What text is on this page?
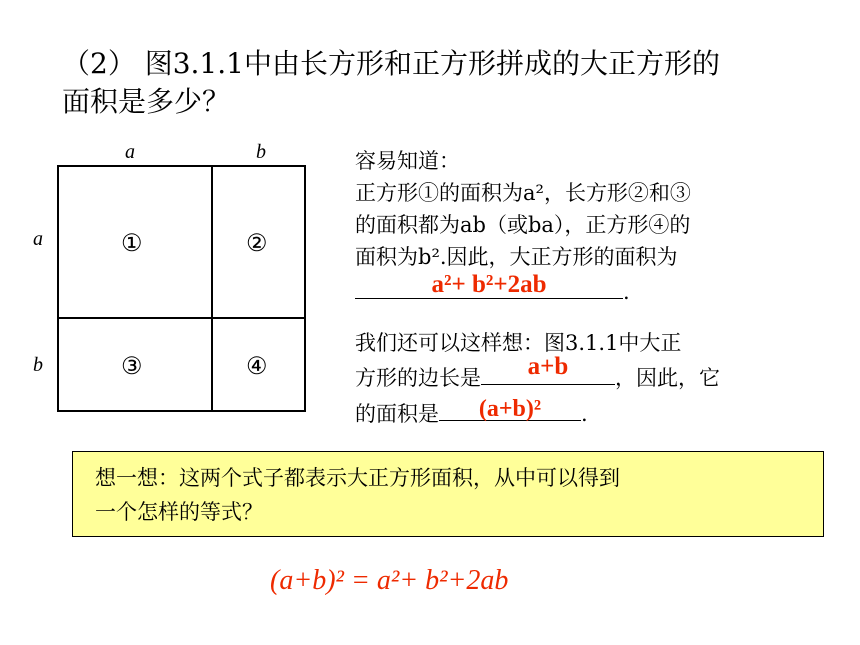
（2） 图3.1.1中由长方形和正方形拼成的大正方形的
面积是多少？
a	b
a
b
①	②
③	④
容易知道：
正方形①的面积为a²，长方形②和③
的面积都为ab（或ba），正方形④的
面积为b².因此，大正方形的面积为
a²+ b²+2ab	.
我们还可以这样想：图3.1.1中大正
方形的边长是	a+b	，因此，它
的面积是	(a+b)²	.
想一想：这两个式子都表示大正方形面积，从中可以得到
一个怎样的等式？
(a+b)² = a²+ b²+2ab
